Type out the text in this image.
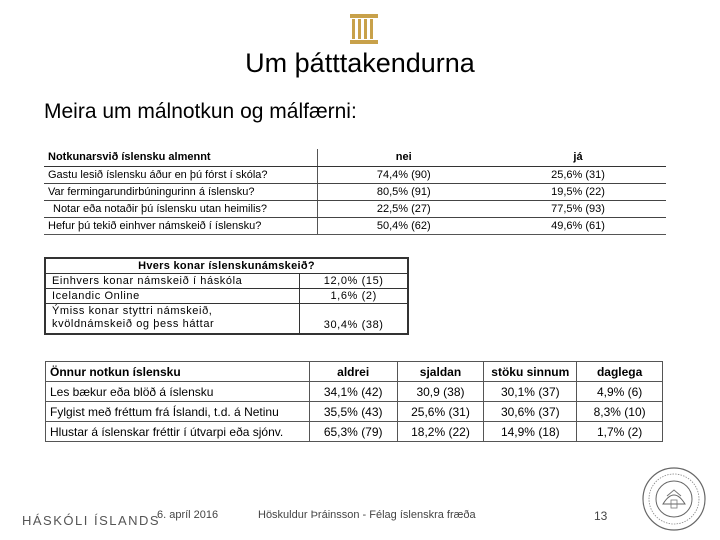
Um þátttakendurna
Meira um málnotkun og málfærni:
Notkunarsvið íslensku almennt	nei	já
Gastu lesið íslensku áður en þú fórst í skóla?	74,4% (90)	25,6% (31)
Var fermingarundirbúningurinn á íslensku?	80,5% (91)	19,5% (22)
Notar eða notaðir þú íslensku utan heimilis?	22,5% (27)	77,5% (93)
Hefur þú tekið einhver námskeið í íslensku?	50,4% (62)	49,6% (61)
Hvers konar íslenskunámskeið?	
Einhvers konar námskeið í háskóla	12,0% (15)
Icelandic Online	1,6% (2)

Ýmiss konar styttri námskeið,
kvöldnámskeið og þess háttar	30,4% (38)
Önnur notkun íslensku	aldrei	sjaldan	stöku sinnum	daglega
Les bækur eða blöð á íslensku	34,1% (42)	30,9 (38)	30,1% (37)	4,9% (6)
Fylgist með fréttum frá Íslandi, t.d. á Netinu	35,5% (43)	25,6% (31)	30,6% (37)	8,3% (10)
Hlustar á íslenskar fréttir í útvarpi eða sjónv.	65,3% (79)	18,2% (22)	14,9% (18)	1,7% (2)
HÁSKÓLI ÍSLANDS
6. apríl 2016	Höskuldur Þráinsson - Félag íslenskra fræða	13
